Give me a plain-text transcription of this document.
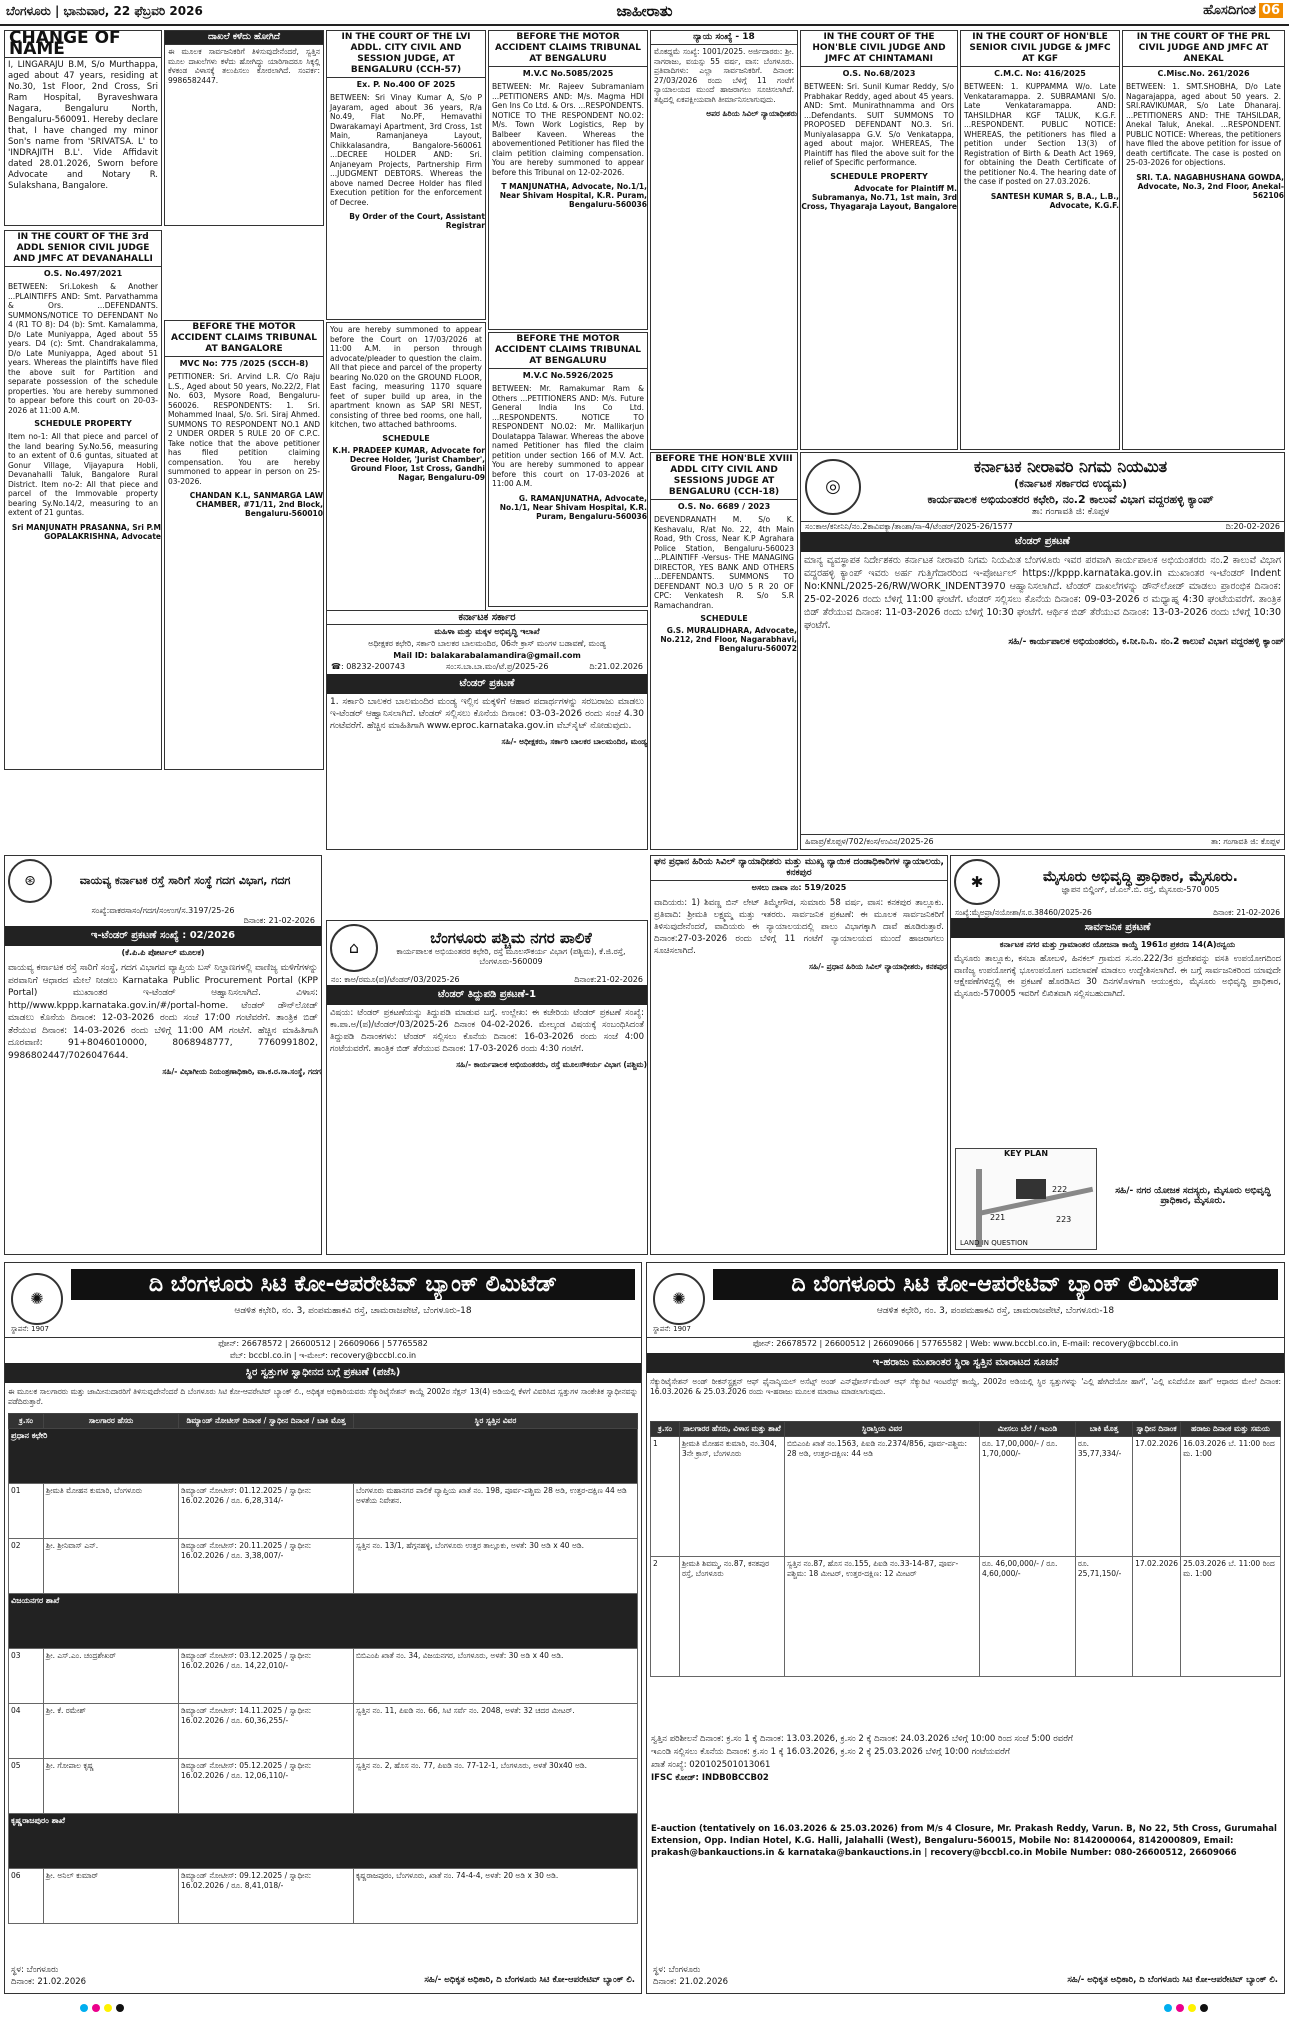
ಬೆಂಗಳೂರು | ಭಾನುವಾರ, 22 ಫೆಬ್ರವರಿ 2026	ಜಾಹೀರಾತು	ಹೊಸದಿಗಂತ 06
CHANGE OF NAME
I, LINGARAJU B.M, S/o Murthappa, aged about 47 years, residing at No.30, 1st Floor, 2nd Cross, Sri Ram Hospital, Byraveshwara Nagara, Bengaluru North, Bengaluru-560091. Hereby declare that, I have changed my minor Son's name from 'SRIVATSA. L' to 'INDRAJITH B.L'. Vide Affidavit dated 28.01.2026, Sworn before Advocate and Notary R. Sulakshana, Bangalore.
ದಾಖಲೆ ಕಳೆದು ಹೋಗಿದೆ
ಈ ಮೂಲಕ ಸಾರ್ವಜನಿಕರಿಗೆ ತಿಳಿಸುವುದೇನೆಂದರೆ, ಸ್ವತ್ತಿನ ಮೂಲ ದಾಖಲೆಗಳು ಕಳೆದು ಹೋಗಿದ್ದು ಯಾರಿಗಾದರೂ ಸಿಕ್ಕಲ್ಲಿ ಕೆಳಕಂಡ ವಿಳಾಸಕ್ಕೆ ತಲುಪಿಸಲು ಕೋರಲಾಗಿದೆ. ಸಂಪರ್ಕ: 9986582447.
IN THE COURT OF THE 3rd ADDL SENIOR CIVIL JUDGE AND JMFC AT DEVANAHALLI
O.S. No.497/2021
BETWEEN: Sri.Lokesh & Another ...PLAINTIFFS AND: Smt. Parvathamma & Ors. ...DEFENDANTS. SUMMONS/NOTICE TO DEFENDANT No 4 (R1 TO 8): D4 (b): Smt. Kamalamma, D/o Late Muniyappa, Aged about 55 years. D4 (c): Smt. Chandrakalamma, D/o Late Muniyappa, Aged about 51 years. Whereas the plaintiffs have filed the above suit for Partition and separate possession of the schedule properties. You are hereby summoned to appear before this court on 20-03-2026 at 11:00 A.M.
SCHEDULE PROPERTY
Item no-1: All that piece and parcel of the land bearing Sy.No.56, measuring to an extent of 0.6 guntas, situated at Gonur Village, Vijayapura Hobli, Devanahalli Taluk, Bangalore Rural District. Item no-2: All that piece and parcel of the Immovable property bearing Sy.No.14/2, measuring to an extent of 21 guntas.
Sri MANJUNATH PRASANNA, Sri P.M GOPALAKRISHNA, Advocate
BEFORE THE MOTOR ACCIDENT CLAIMS TRIBUNAL AT BANGALORE
MVC No: 775 /2025 (SCCH-8)
PETITIONER: Sri. Arvind L.R. C/o Raju L.S., Aged about 50 years, No.22/2, Flat No. 603, Mysore Road, Bengaluru-560026. RESPONDENTS: 1. Sri. Mohammed Inaal, S/o. Sri. Siraj Ahmed. SUMMONS TO RESPONDENT NO.1 AND 2 UNDER ORDER 5 RULE 20 OF C.P.C. Take notice that the above petitioner has filed petition claiming compensation. You are hereby summoned to appear in person on 25-03-2026.
CHANDAN K.L, SANMARGA LAW CHAMBER, #71/11, 2nd Block, Bengaluru-560010
IN THE COURT OF THE LVI ADDL. CITY CIVIL AND SESSION JUDGE, AT BENGALURU (CCH-57)
Ex. P. No.400 OF 2025
BETWEEN: Sri Vinay Kumar A, S/o P Jayaram, aged about 36 years, R/a No.49, Flat No.PF, Hemavathi Dwarakamayi Apartment, 3rd Cross, 1st Main, Ramanjaneya Layout, Chikkalasandra, Bangalore-560061 ...DECREE HOLDER AND: Sri. Anjaneyam Projects, Partnership Firm ...JUDGMENT DEBTORS. Whereas the above named Decree Holder has filed Execution petition for the enforcement of Decree.
By Order of the Court, Assistant Registrar
You are hereby summoned to appear before the Court on 17/03/2026 at 11:00 A.M. in person through advocate/pleader to question the claim. All that piece and parcel of the property bearing No.020 on the GROUND FLOOR, East facing, measuring 1170 square feet of super build up area, in the apartment known as SAP SRI NEST, consisting of three bed rooms, one hall, kitchen, two attached bathrooms.
SCHEDULE
K.H. PRADEEP KUMAR, Advocate for Decree Holder, 'Jurist Chamber', Ground Floor, 1st Cross, Gandhi Nagar, Bengaluru-09
BEFORE THE MOTOR ACCIDENT CLAIMS TRIBUNAL AT BENGALURU
M.V.C No.5085/2025
BETWEEN: Mr. Rajeev Subramaniam ...PETITIONERS AND: M/s. Magma HDI Gen Ins Co Ltd. & Ors. ...RESPONDENTS. NOTICE TO THE RESPONDENT NO.02: M/s. Town Work Logistics, Rep by Balbeer Kaveen. Whereas the abovementioned Petitioner has filed the claim petition claiming compensation. You are hereby summoned to appear before this Tribunal on 12-02-2026.
T MANJUNATHA, Advocate, No.1/1, Near Shivam Hospital, K.R. Puram, Bengaluru-560036
BEFORE THE MOTOR ACCIDENT CLAIMS TRIBUNAL AT BENGALURU
M.V.C No.5926/2025
BETWEEN: Mr. Ramakumar Ram & Others ...PETITIONERS AND: M/s. Future General India Ins Co Ltd. ...RESPONDENTS. NOTICE TO RESPONDENT NO.02: Mr. Mallikarjun Doulatappa Talawar. Whereas the above named Petitioner has filed the claim petition under section 166 of M.V. Act. You are hereby summoned to appear before this court on 17-03-2026 at 11:00 A.M.
G. RAMANJUNATHA, Advocate, No.1/1, Near Shivam Hospital, K.R. Puram, Bengaluru-560036
ಕರ್ನಾಟಕ ಸರ್ಕಾರ
ಮಹಿಳಾ ಮತ್ತು ಮಕ್ಕಳ ಅಭಿವೃದ್ಧಿ ಇಲಾಖೆ
ಅಧೀಕ್ಷಕರ ಕಛೇರಿ, ಸರ್ಕಾರಿ ಬಾಲಕರ ಬಾಲಮಂದಿರ, 06ನೇ ಕ್ರಾಸ್ ಮಂಗಳ ಬಡಾವಣೆ, ಮಂಡ್ಯ
Mail ID: balakarabalamandira@gmail.com
☎: 08232-200743	ಸಂ:ಸ.ಬಾ.ಬಾ.ಮಂ/ಟೆ.ಪ್ರ/2025-26	ದಿ:21.02.2026
ಟೆಂಡರ್ ಪ್ರಕಟಣೆ
1. ಸರ್ಕಾರಿ ಬಾಲಕರ ಬಾಲಮಂದಿರ ಮಂಡ್ಯ ಇಲ್ಲಿನ ಮಕ್ಕಳಿಗೆ ಆಹಾರ ಪದಾರ್ಥಗಳನ್ನು ಸರಬರಾಜು ಮಾಡಲು ಇ-ಟೆಂಡರ್ ಆಹ್ವಾನಿಸಲಾಗಿದೆ. ಟೆಂಡರ್ ಸಲ್ಲಿಸಲು ಕೊನೆಯ ದಿನಾಂಕ: 03-03-2026 ರಂದು ಸಂಜೆ 4.30 ಗಂಟೆವರೆಗೆ. ಹೆಚ್ಚಿನ ಮಾಹಿತಿಗಾಗಿ www.eproc.karnataka.gov.in ವೆಬ್‌ಸೈಟ್ ನೋಡುವುದು.
ಸಹಿ/- ಅಧೀಕ್ಷಕರು, ಸರ್ಕಾರಿ ಬಾಲಕರ ಬಾಲಮಂದಿರ, ಮಂಡ್ಯ
ನ್ಯಾಯ ಸಂಖ್ಯೆ - 18
ಮೊಕದ್ದಮೆ ಸಂಖ್ಯೆ: 1001/2025. ಅರ್ಜಿದಾರರು: ಶ್ರೀ. ನಾಗರಾಜು, ವಯಸ್ಸು 55 ವರ್ಷ, ವಾಸ: ಬೆಂಗಳೂರು. ಪ್ರತಿವಾದಿಗಳು: ಎಲ್ಲಾ ಸಾರ್ವಜನಿಕರಿಗೆ. ದಿನಾಂಕ: 27/03/2026 ರಂದು ಬೆಳಿಗ್ಗೆ 11 ಗಂಟೆಗೆ ನ್ಯಾಯಾಲಯದ ಮುಂದೆ ಹಾಜರಾಗಲು ಸೂಚಿಸಲಾಗಿದೆ. ತಪ್ಪಿದಲ್ಲಿ ಏಕಪಕ್ಷೀಯವಾಗಿ ತೀರ್ಮಾನಿಸಲಾಗುವುದು.
ಅಪರ ಹಿರಿಯ ಸಿವಿಲ್ ನ್ಯಾಯಾಧೀಶರು
BEFORE THE HON'BLE XVIII ADDL CITY CIVIL AND SESSIONS JUDGE AT BENGALURU (CCH-18)
O.S. No. 6689 / 2023
DEVENDRANATH M. S/o K. Keshavalu, R/at No. 22, 4th Main Road, 9th Cross, Near K.P Agrahara Police Station, Bengaluru-560023 ...PLAINTIFF -Versus- THE MANAGING DIRECTOR, YES BANK AND OTHERS ...DEFENDANTS. SUMMONS TO DEFENDANT NO.3 U/O 5 R 20 OF CPC: Venkatesh R. S/o S.R Ramachandran.
SCHEDULE
G.S. MURALIDHARA, Advocate, No.212, 2nd Floor, Nagarabhavi, Bengaluru-560072
IN THE COURT OF THE HON'BLE CIVIL JUDGE AND JMFC AT CHINTAMANI
O.S. No.68/2023
BETWEEN: Sri. Sunil Kumar Reddy, S/o Prabhakar Reddy, aged about 45 years. AND: Smt. Munirathnamma and Ors ...Defendants. SUIT SUMMONS TO PROPOSED DEFENDANT NO.3. Sri. Muniyalasappa G.V. S/o Venkatappa, aged about major. WHEREAS, The Plaintiff has filed the above suit for the relief of Specific performance.
SCHEDULE PROPERTY
Advocate for Plaintiff M. Subramanya, No.71, 1st main, 3rd Cross, Thyagaraja Layout, Bangalore
IN THE COURT OF HON'BLE SENIOR CIVIL JUDGE & JMFC AT KGF
C.M.C. No: 416/2025
BETWEEN: 1. KUPPAMMA W/o. Late Venkataramappa. 2. SUBRAMANI S/o. Late Venkataramappa. AND: TAHSILDHAR KGF TALUK, K.G.F. ...RESPONDENT. PUBLIC NOTICE: WHEREAS, the petitioners has filed a petition under Section 13(3) of Registration of Birth & Death Act 1969, for obtaining the Death Certificate of the petitioner No.4. The hearing date of the case if posted on 27.03.2026.
SANTESH KUMAR S, B.A., L.B., Advocate, K.G.F.
IN THE COURT OF THE PRL CIVIL JUDGE AND JMFC AT ANEKAL
C.Misc.No. 261/2026
BETWEEN: 1. SMT.SHOBHA, D/o Late Nagarajappa, aged about 50 years. 2. SRI.RAVIKUMAR, S/o Late Dhanaraj. ...PETITIONERS AND: THE TAHSILDAR, Anekal Taluk, Anekal. ...RESPONDENT. PUBLIC NOTICE: Whereas, the petitioners have filed the above petition for issue of death certificate. The case is posted on 25-03-2026 for objections.
SRI. T.A. NAGABHUSHANA GOWDA, Advocate, No.3, 2nd Floor, Anekal-562106
◎
ಕರ್ನಾಟಕ ನೀರಾವರಿ ನಿಗಮ ನಿಯಮಿತ
(ಕರ್ನಾಟಕ ಸರ್ಕಾರದ ಉದ್ಯಮ)
ಕಾರ್ಯಪಾಲಕ ಅಭಿಯಂತರರ ಕಛೇರಿ, ನಂ.2 ಕಾಲುವೆ ವಿಭಾಗ ವದ್ದರಹಳ್ಳಿ ಕ್ಯಾಂಪ್
ತಾ: ಗಂಗಾವತಿ ಜಿ: ಕೊಪ್ಪಳ
ಸಂ:ಕಾಅ/ಕನೀನಿನಿ/ನಂ.2ಕಾವಿವಕ್ಯಾ/ತಾಂಶಾ/ಸಾ-4/ಟೆಂಡರ್/2025-26/1577	ದಿ:20-02-2026
ಟೆಂಡರ್ ಪ್ರಕಟಣೆ
ಮಾನ್ಯ ವ್ಯವಸ್ಥಾಪಕ ನಿರ್ದೇಶಕರು ಕರ್ನಾಟಕ ನೀರಾವರಿ ನಿಗಮ ನಿಯಮಿತ ಬೆಂಗಳೂರು ಇವರ ಪರವಾಗಿ ಕಾರ್ಯಪಾಲಕ ಅಭಿಯಂತರರು ನಂ.2 ಕಾಲುವೆ ವಿಭಾಗ ವದ್ದರಹಳ್ಳಿ ಕ್ಯಾಂಪ್ ಇವರು ಅರ್ಹ ಗುತ್ತಿಗೆದಾರರಿಂದ ಇ-ಪೋರ್ಟಲ್ https://kppp.karnataka.gov.in ಮುಖಾಂತರ ಇ-ಟೆಂಡರ್ Indent No:KNNL/2025-26/RW/WORK_INDENT3970 ಆಹ್ವಾನಿಸಲಾಗಿದೆ. ಟೆಂಡರ್ ದಾಖಲೆಗಳನ್ನು ಡೌನ್‌ಲೋಡ್ ಮಾಡಲು ಪ್ರಾರಂಭಿಕ ದಿನಾಂಕ: 25-02-2026 ರಂದು ಬೆಳಿಗ್ಗೆ 11:00 ಘಂಟೆಗೆ. ಟೆಂಡರ್ ಸಲ್ಲಿಸಲು ಕೊನೆಯ ದಿನಾಂಕ: 09-03-2026 ರ ಮಧ್ಯಾಹ್ನ 4:30 ಘಂಟೆಯವರೆಗೆ. ತಾಂತ್ರಿಕ ಬಿಡ್ ತೆರೆಯುವ ದಿನಾಂಕ: 11-03-2026 ರಂದು ಬೆಳಿಗ್ಗೆ 10:30 ಘಂಟೆಗೆ. ಆರ್ಥಿಕ ಬಿಡ್ ತೆರೆಯುವ ದಿನಾಂಕ: 13-03-2026 ರಂದು ಬೆಳಿಗ್ಗೆ 10:30 ಘಂಟೆಗೆ.
ಸಹಿ/- ಕಾರ್ಯಪಾಲಕ ಅಭಿಯಂತರರು, ಕ.ನೀ.ನಿ.ನಿ. ನಂ.2 ಕಾಲುವೆ ವಿಭಾಗ ವದ್ದರಹಳ್ಳಿ ಕ್ಯಾಂಪ್
ಹಿವಾಪ್ರ/ಕೊಪ್ಪಳ/702/ಕಂಸ/ಉವಿನ/2025-26	ತಾ: ಗಂಗಾವತಿ ಜಿ: ಕೊಪ್ಪಳ
⊛	ವಾಯವ್ಯ ಕರ್ನಾಟಕ ರಸ್ತೆ ಸಾರಿಗೆ ಸಂಸ್ಥೆ ಗದಗ ವಿಭಾಗ, ಗದಗ
ಸಂಖ್ಯೆ:ವಾಕರಸಾಸಂ/ಗದಗ/ಸಂಉಗ/ಸ.3197/25-26
ದಿನಾಂಕ: 21-02-2026
ಇ-ಟೆಂಡರ್ ಪ್ರಕಟಣೆ ಸಂಖ್ಯೆ : 02/2026
(ಕೆ.ಪಿ.ಪಿ ಪೋರ್ಟಲ್ ಮೂಲಕ)
ವಾಯವ್ಯ ಕರ್ನಾಟಕ ರಸ್ತೆ ಸಾರಿಗೆ ಸಂಸ್ಥೆ, ಗದಗ ವಿಭಾಗದ ವ್ಯಾಪ್ತಿಯ ಬಸ್ ನಿಲ್ದಾಣಗಳಲ್ಲಿ ವಾಣಿಜ್ಯ ಮಳಿಗೆಗಳನ್ನು ಪರವಾನಿಗೆ ಆಧಾರದ ಮೇಲೆ ನೀಡಲು Karnataka Public Procurement Portal (KPP Portal) ಮುಖಾಂತರ ಇ-ಟೆಂಡರ್ ಆಹ್ವಾನಿಸಲಾಗಿದೆ. ವಿಳಾಸ: http//www.kppp.karnataka.gov.in/#/portal-home. ಟೆಂಡರ್ ಡೌನ್‌ಲೋಡ್ ಮಾಡಲು ಕೊನೆಯ ದಿನಾಂಕ: 12-03-2026 ರಂದು ಸಂಜೆ 17:00 ಗಂಟೆವರೆಗೆ. ತಾಂತ್ರಿಕ ಬಿಡ್ ತೆರೆಯುವ ದಿನಾಂಕ: 14-03-2026 ರಂದು ಬೆಳಿಗ್ಗೆ 11:00 AM ಗಂಟೆಗೆ. ಹೆಚ್ಚಿನ ಮಾಹಿತಿಗಾಗಿ ದೂರವಾಣಿ: 91+8046010000, 8068948777, 7760991802, 9986802447/7026047644.
ಸಹಿ/- ವಿಭಾಗೀಯ ನಿಯಂತ್ರಣಾಧಿಕಾರಿ, ವಾ.ಕ.ರ.ಸಾ.ಸಂಸ್ಥೆ, ಗದಗ
⌂	ಬೆಂಗಳೂರು ಪಶ್ಚಿಮ ನಗರ ಪಾಲಿಕೆ
ಕಾರ್ಯಪಾಲಕ ಅಭಿಯಂತರರ ಕಛೇರಿ, ರಸ್ತೆ ಮೂಲಸೌಕರ್ಯ ವಿಭಾಗ (ಪಶ್ಚಿಮ), ಕೆ.ಜಿ.ರಸ್ತೆ, ಬೆಂಗಳೂರು-560009
ನಂ: ಕಾಅ/ರಮೂ(ಪ)/ಟೆಂಡರ್/03/2025-26	ದಿನಾಂಕ:21-02-2026
ಟೆಂಡರ್ ತಿದ್ದುಪಡಿ ಪ್ರಕಟಣೆ-1
ವಿಷಯ: ಟೆಂಡರ್ ಪ್ರಕಟಣೆಯನ್ನು ತಿದ್ದುಪಡಿ ಮಾಡುವ ಬಗ್ಗೆ. ಉಲ್ಲೇಖ: ಈ ಕಚೇರಿಯ ಟೆಂಡರ್ ಪ್ರಕಟಣೆ ಸಂಖ್ಯೆ: ಕಾ.ಪಾ.ಅ/(ಪ)/ಟೆಂಡರ್/03/2025-26 ದಿನಾಂಕ 04-02-2026. ಮೇಲ್ಕಂಡ ವಿಷಯಕ್ಕೆ ಸಂಬಂಧಿಸಿದಂತೆ ತಿದ್ದುಪಡಿ ದಿನಾಂಕಗಳು: ಟೆಂಡರ್ ಸಲ್ಲಿಸಲು ಕೊನೆಯ ದಿನಾಂಕ: 16-03-2026 ರಂದು ಸಂಜೆ 4:00 ಗಂಟೆಯವರೆಗೆ. ತಾಂತ್ರಿಕ ಬಿಡ್ ತೆರೆಯುವ ದಿನಾಂಕ: 17-03-2026 ರಂದು 4:30 ಗಂಟೆಗೆ.
ಸಹಿ/- ಕಾರ್ಯಪಾಲಕ ಅಭಿಯಂತರರು, ರಸ್ತೆ ಮೂಲಸೌಕರ್ಯ ವಿಭಾಗ (ಪಶ್ಚಿಮ)
ಘನ ಪ್ರಧಾನ ಹಿರಿಯ ಸಿವಿಲ್ ನ್ಯಾಯಾಧೀಶರು ಮತ್ತು ಮುಖ್ಯ ನ್ಯಾಯಿಕ ದಂಡಾಧಿಕಾರಿಗಳ ನ್ಯಾಯಾಲಯ, ಕನಕಪುರ
ಅಸಲು ದಾವಾ ನಂ: 519/2025
ವಾದಿಯರು: 1) ಶಿವಣ್ಣ ಬಿನ್ ಲೇಟ್ ತಿಮ್ಮೇಗೌಡ, ಸುಮಾರು 58 ವರ್ಷ, ವಾಸ: ಕನಕಪುರ ತಾಲ್ಲೂಕು. ಪ್ರತಿವಾದಿ: ಶ್ರೀಮತಿ ಲಕ್ಷ್ಮಮ್ಮ ಮತ್ತು ಇತರರು. ಸಾರ್ವಜನಿಕ ಪ್ರಕಟಣೆ: ಈ ಮೂಲಕ ಸಾರ್ವಜನಿಕರಿಗೆ ತಿಳಿಸುವುದೇನೆಂದರೆ, ವಾದಿಯರು ಈ ನ್ಯಾಯಾಲಯದಲ್ಲಿ ಪಾಲು ವಿಭಾಗಕ್ಕಾಗಿ ದಾವೆ ಹೂಡಿರುತ್ತಾರೆ. ದಿನಾಂಕ:27-03-2026 ರಂದು ಬೆಳಿಗ್ಗೆ 11 ಗಂಟೆಗೆ ನ್ಯಾಯಾಲಯದ ಮುಂದೆ ಹಾಜರಾಗಲು ಸೂಚಿಸಲಾಗಿದೆ.
ಸಹಿ/- ಪ್ರಧಾನ ಹಿರಿಯ ಸಿವಿಲ್ ನ್ಯಾಯಾಧೀಶರು, ಕನಕಪುರ
✱	ಮೈಸೂರು ಅಭಿವೃದ್ಧಿ ಪ್ರಾಧಿಕಾರ, ಮೈಸೂರು.
ಜ್ಞಾಪನ ಬಿಲ್ಡಿಂಗ್, ಜೆ.ಎಲ್.ಬಿ. ರಸ್ತೆ, ಮೈಸೂರು-570 005
ಸಂಖ್ಯೆ:ಮೈಅಪ್ರಾ/ನಯೋಶಾ/ಸ.ರ.38460/2025-26	ದಿನಾಂಕ: 21-02-2026
ಸಾರ್ವಜನಿಕ ಪ್ರಕಟಣೆ
ಕರ್ನಾಟಕ ನಗರ ಮತ್ತು ಗ್ರಾಮಾಂತರ ಯೋಜನಾ ಕಾಯ್ದೆ 1961ರ ಪ್ರಕರಣ 14(A)ರನ್ವಯ
ಮೈಸೂರು ತಾಲ್ಲೂಕು, ಕಸಬಾ ಹೋಬಳಿ, ಹಿನಕಲ್ ಗ್ರಾಮದ ಸ.ನಂ.222/3ರ ಪ್ರದೇಶವನ್ನು ವಸತಿ ಉಪಯೋಗದಿಂದ ವಾಣಿಜ್ಯ ಉಪಯೋಗಕ್ಕೆ ಭೂಉಪಯೋಗ ಬದಲಾವಣೆ ಮಾಡಲು ಉದ್ದೇಶಿಸಲಾಗಿದೆ. ಈ ಬಗ್ಗೆ ಸಾರ್ವಜನಿಕರಿಂದ ಯಾವುದೇ ಆಕ್ಷೇಪಣೆಗಳಿದ್ದಲ್ಲಿ ಈ ಪ್ರಕಟಣೆ ಹೊರಡಿಸಿದ 30 ದಿನಗಳೊಳಗಾಗಿ ಆಯುಕ್ತರು, ಮೈಸೂರು ಅಭಿವೃದ್ಧಿ ಪ್ರಾಧಿಕಾರ, ಮೈಸೂರು-570005 ಇವರಿಗೆ ಲಿಖಿತವಾಗಿ ಸಲ್ಲಿಸಬಹುದಾಗಿದೆ.
KEY PLAN
221
222
223
LAND IN QUESTION
ಸಹಿ/- ನಗರ ಯೋಜಕ ಸದಸ್ಯರು, ಮೈಸೂರು ಅಭಿವೃದ್ಧಿ ಪ್ರಾಧಿಕಾರ, ಮೈಸೂರು.
✺
ಸ್ಥಾಪನೆ: 1907
ದಿ ಬೆಂಗಳೂರು ಸಿಟಿ ಕೋ-ಆಪರೇಟಿವ್ ಬ್ಯಾಂಕ್ ಲಿಮಿಟೆಡ್
ಆಡಳಿತ ಕಛೇರಿ, ನಂ. 3, ಪಂಪಮಹಾಕವಿ ರಸ್ತೆ, ಚಾಮರಾಜಪೇಟೆ, ಬೆಂಗಳೂರು-18
ಫೋನ್: 26678572 | 26600512 | 26609066 | 57765582
ವೆಬ್: bccbl.co.in | ಇ-ಮೇಲ್: recovery@bccbl.co.in
ಸ್ಥಿರ ಸ್ವತ್ತುಗಳ ಸ್ವಾಧೀನದ ಬಗ್ಗೆ ಪ್ರಕಟಣೆ (ಪಜೆಸಿ)
ಈ ಮೂಲಕ ಸಾಲಗಾರರು ಮತ್ತು ಜಾಮೀನುದಾರರಿಗೆ ತಿಳಿಸುವುದೇನೆಂದರೆ ದಿ ಬೆಂಗಳೂರು ಸಿಟಿ ಕೋ-ಆಪರೇಟಿವ್ ಬ್ಯಾಂಕ್ ಲಿ., ಅಧಿಕೃತ ಅಧಿಕಾರಿಯವರು ಸೆಕ್ಯುರಿಟೈಸೇಶನ್ ಕಾಯ್ದೆ 2002ರ ಸೆಕ್ಷನ್ 13(4) ಅಡಿಯಲ್ಲಿ ಕೆಳಗೆ ವಿವರಿಸಿದ ಸ್ವತ್ತುಗಳ ಸಾಂಕೇತಿಕ ಸ್ವಾಧೀನವನ್ನು ಪಡೆದಿರುತ್ತಾರೆ.
ಕ್ರ.ಸಂ	ಸಾಲಗಾರರ ಹೆಸರು	ಡಿಮ್ಯಾಂಡ್ ನೋಟೀಸ್ ದಿನಾಂಕ / ಸ್ವಾಧೀನ ದಿನಾಂಕ / ಬಾಕಿ ಮೊತ್ತ	ಸ್ಥಿರ ಸ್ವತ್ತಿನ ವಿವರ
ಪ್ರಧಾನ ಕಛೇರಿ			
01	ಶ್ರೀಮತಿ ಮೋಹನ ಕುಮಾರಿ, ಬೆಂಗಳೂರು	ಡಿಮ್ಯಾಂಡ್ ನೋಟೀಸ್: 01.12.2025 / ಸ್ವಾಧೀನ: 16.02.2026 / ರೂ. 6,28,314/-	ಬೆಂಗಳೂರು ಮಹಾನಗರ ಪಾಲಿಕೆ ವ್ಯಾಪ್ತಿಯ ಖಾತೆ ನಂ. 198, ಪೂರ್ವ-ಪಶ್ಚಿಮ 28 ಅಡಿ, ಉತ್ತರ-ದಕ್ಷಿಣ 44 ಅಡಿ ಅಳತೆಯ ನಿವೇಶನ.
02	ಶ್ರೀ. ಶ್ರೀನಿವಾಸ್ ಎನ್.	ಡಿಮ್ಯಾಂಡ್ ನೋಟೀಸ್: 20.11.2025 / ಸ್ವಾಧೀನ: 16.02.2026 / ರೂ. 3,38,007/-	ಸ್ವತ್ತಿನ ನಂ. 13/1, ಹೆಗ್ಗನಹಳ್ಳಿ, ಬೆಂಗಳೂರು ಉತ್ತರ ತಾಲ್ಲೂಕು, ಅಳತೆ: 30 ಅಡಿ x 40 ಅಡಿ.
ವಿಜಯನಗರ ಶಾಖೆ			
03	ಶ್ರೀ. ಎಸ್.ಎಂ. ಚಂದ್ರಶೇಖರ್	ಡಿಮ್ಯಾಂಡ್ ನೋಟೀಸ್: 03.12.2025 / ಸ್ವಾಧೀನ: 16.02.2026 / ರೂ. 14,22,010/-	ಬಿಬಿಎಂಪಿ ಖಾತೆ ನಂ. 34, ವಿಜಯನಗರ, ಬೆಂಗಳೂರು, ಅಳತೆ: 30 ಅಡಿ x 40 ಅಡಿ.
04	ಶ್ರೀ. ಕೆ. ರಮೇಶ್	ಡಿಮ್ಯಾಂಡ್ ನೋಟೀಸ್: 14.11.2025 / ಸ್ವಾಧೀನ: 16.02.2026 / ರೂ. 60,36,255/-	ಸ್ವತ್ತಿನ ನಂ. 11, ಪಿಐಡಿ ನಂ. 66, ಸಿಟಿ ಸರ್ವೆ ನಂ. 2048, ಅಳತೆ: 32 ಚದರ ಮೀಟರ್.
05	ಶ್ರೀ. ಗೋಪಾಲ ಕೃಷ್ಣ	ಡಿಮ್ಯಾಂಡ್ ನೋಟೀಸ್: 05.12.2025 / ಸ್ವಾಧೀನ: 16.02.2026 / ರೂ. 12,06,110/-	ಸ್ವತ್ತಿನ ನಂ. 2, ಹೊಸ ನಂ. 77, ಪಿಐಡಿ ನಂ. 77-12-1, ಬೆಂಗಳೂರು, ಅಳತೆ 30x40 ಅಡಿ.
ಕೃಷ್ಣರಾಜಪುರಂ ಶಾಖೆ			
06	ಶ್ರೀ. ಅನಿಲ್ ಕುಮಾರ್	ಡಿಮ್ಯಾಂಡ್ ನೋಟೀಸ್: 09.12.2025 / ಸ್ವಾಧೀನ: 16.02.2026 / ರೂ. 8,41,018/-	ಕೃಷ್ಣರಾಜಪುರಂ, ಬೆಂಗಳೂರು, ಖಾತೆ ನಂ. 74-4-4, ಅಳತೆ: 20 ಅಡಿ x 30 ಅಡಿ.
ಸ್ಥಳ: ಬೆಂಗಳೂರು
ದಿನಾಂಕ: 21.02.2026	ಸಹಿ/- ಅಧಿಕೃತ ಅಧಿಕಾರಿ, ದಿ ಬೆಂಗಳೂರು ಸಿಟಿ ಕೋ-ಆಪರೇಟಿವ್ ಬ್ಯಾಂಕ್ ಲಿ.
✺
ಸ್ಥಾಪನೆ: 1907
ದಿ ಬೆಂಗಳೂರು ಸಿಟಿ ಕೋ-ಆಪರೇಟಿವ್ ಬ್ಯಾಂಕ್ ಲಿಮಿಟೆಡ್
ಆಡಳಿತ ಕಛೇರಿ, ನಂ. 3, ಪಂಪಮಹಾಕವಿ ರಸ್ತೆ, ಚಾಮರಾಜಪೇಟೆ, ಬೆಂಗಳೂರು-18
ಫೋನ್: 26678572 | 26600512 | 26609066 | 57765582 | Web: www.bccbl.co.in, E-mail: recovery@bccbl.co.in
ಇ-ಹರಾಜು ಮುಖಾಂತರ ಸ್ಥಿರಾ ಸ್ವತ್ತಿನ ಮಾರಾಟದ ಸೂಚನೆ
ಸೆಕ್ಯುರಿಟೈಸೇಶನ್ ಅಂಡ್ ರೀಕನ್‌ಸ್ಟ್ರಕ್ಷನ್ ಆಫ್ ಫೈನಾನ್ಶಿಯಲ್ ಅಸೆಟ್ಸ್ ಅಂಡ್ ಎನ್‌ಫೋರ್ಸ್‌ಮೆಂಟ್ ಆಫ್ ಸೆಕ್ಯುರಿಟಿ ಇಂಟರೆಸ್ಟ್ ಕಾಯ್ದೆ, 2002ರ ಅಡಿಯಲ್ಲಿ ಸ್ಥಿರ ಸ್ವತ್ತುಗಳನ್ನು 'ಎಲ್ಲಿ ಹೇಗಿದೆಯೋ ಹಾಗೆ', 'ಎಲ್ಲಿ ಏನಿದೆಯೋ ಹಾಗೆ' ಆಧಾರದ ಮೇಲೆ ದಿನಾಂಕ: 16.03.2026 & 25.03.2026 ರಂದು ಇ-ಹರಾಜು ಮೂಲಕ ಮಾರಾಟ ಮಾಡಲಾಗುವುದು.
ಕ್ರ.ಸಂ	ಸಾಲಗಾರರ ಹೆಸರು, ವಿಳಾಸ ಮತ್ತು ಶಾಖೆ	ಸ್ಥಿರಾಸ್ತಿಯ ವಿವರ	ಮೀಸಲು ಬೆಲೆ / ಇಎಂಡಿ	ಬಾಕಿ ಮೊತ್ತ	ಸ್ವಾಧೀನ ದಿನಾಂಕ	ಹರಾಜು ದಿನಾಂಕ ಮತ್ತು ಸಮಯ
1	ಶ್ರೀಮತಿ ಮೋಹನ ಕುಮಾರಿ, ನಂ.304, 3ನೇ ಕ್ರಾಸ್, ಬೆಂಗಳೂರು	ಬಿಬಿಎಂಪಿ ಖಾತೆ ನಂ.1563, ಪಿಐಡಿ ನಂ.2374/856, ಪೂರ್ವ-ಪಶ್ಚಿಮ: 28 ಅಡಿ, ಉತ್ತರ-ದಕ್ಷಿಣ: 44 ಅಡಿ	ರೂ. 17,00,000/- / ರೂ. 1,70,000/-	ರೂ. 35,77,334/-	17.02.2026	16.03.2026 ಬೆ. 11:00 ರಿಂದ ಮ. 1:00
2	ಶ್ರೀಮತಿ ಶಿವಮ್ಮ, ನಂ.87, ಕನಕಪುರ ರಸ್ತೆ, ಬೆಂಗಳೂರು	ಸ್ವತ್ತಿನ ನಂ.87, ಹೊಸ ನಂ.155, ಪಿಐಡಿ ನಂ.33-14-87, ಪೂರ್ವ-ಪಶ್ಚಿಮ: 18 ಮೀಟರ್, ಉತ್ತರ-ದಕ್ಷಿಣ: 12 ಮೀಟರ್	ರೂ. 46,00,000/- / ರೂ. 4,60,000/-	ರೂ. 25,71,150/-	17.02.2026	25.03.2026 ಬೆ. 11:00 ರಿಂದ ಮ. 1:00
ಸ್ವತ್ತಿನ ಪರಿಶೀಲನೆ ದಿನಾಂಕ: ಕ್ರ.ಸಂ 1 ಕ್ಕೆ ದಿನಾಂಕ: 13.03.2026, ಕ್ರ.ಸಂ 2 ಕ್ಕೆ ದಿನಾಂಕ: 24.03.2026 ಬೆಳಿಗ್ಗೆ 10:00 ರಿಂದ ಸಂಜೆ 5:00 ರವರೆಗೆ
ಇಎಂಡಿ ಸಲ್ಲಿಸಲು ಕೊನೆಯ ದಿನಾಂಕ: ಕ್ರ.ಸಂ 1 ಕ್ಕೆ 16.03.2026, ಕ್ರ.ಸಂ 2 ಕ್ಕೆ 25.03.2026 ಬೆಳಿಗ್ಗೆ 10:00 ಗಂಟೆಯವರೆಗೆ
ಖಾತೆ ಸಂಖ್ಯೆ: 020102501013061
IFSC ಕೋಡ್: INDB0BCCB02
E-auction (tentatively on 16.03.2026 & 25.03.2026) from M/s 4 Closure, Mr. Prakash Reddy, Varun. B, No 22, 5th Cross, Gurumahal Extension, Opp. Indian Hotel, K.G. Halli, Jalahalli (West), Bengaluru-560015, Mobile No: 8142000064, 8142000809, Email: prakash@bankauctions.in & karnataka@bankauctions.in | recovery@bccbl.co.in Mobile Number: 080-26600512, 26609066
ಸ್ಥಳ: ಬೆಂಗಳೂರು
ದಿನಾಂಕ: 21.02.2026	ಸಹಿ/- ಅಧಿಕೃತ ಅಧಿಕಾರಿ, ದಿ ಬೆಂಗಳೂರು ಸಿಟಿ ಕೋ-ಆಪರೇಟಿವ್ ಬ್ಯಾಂಕ್ ಲಿ.
